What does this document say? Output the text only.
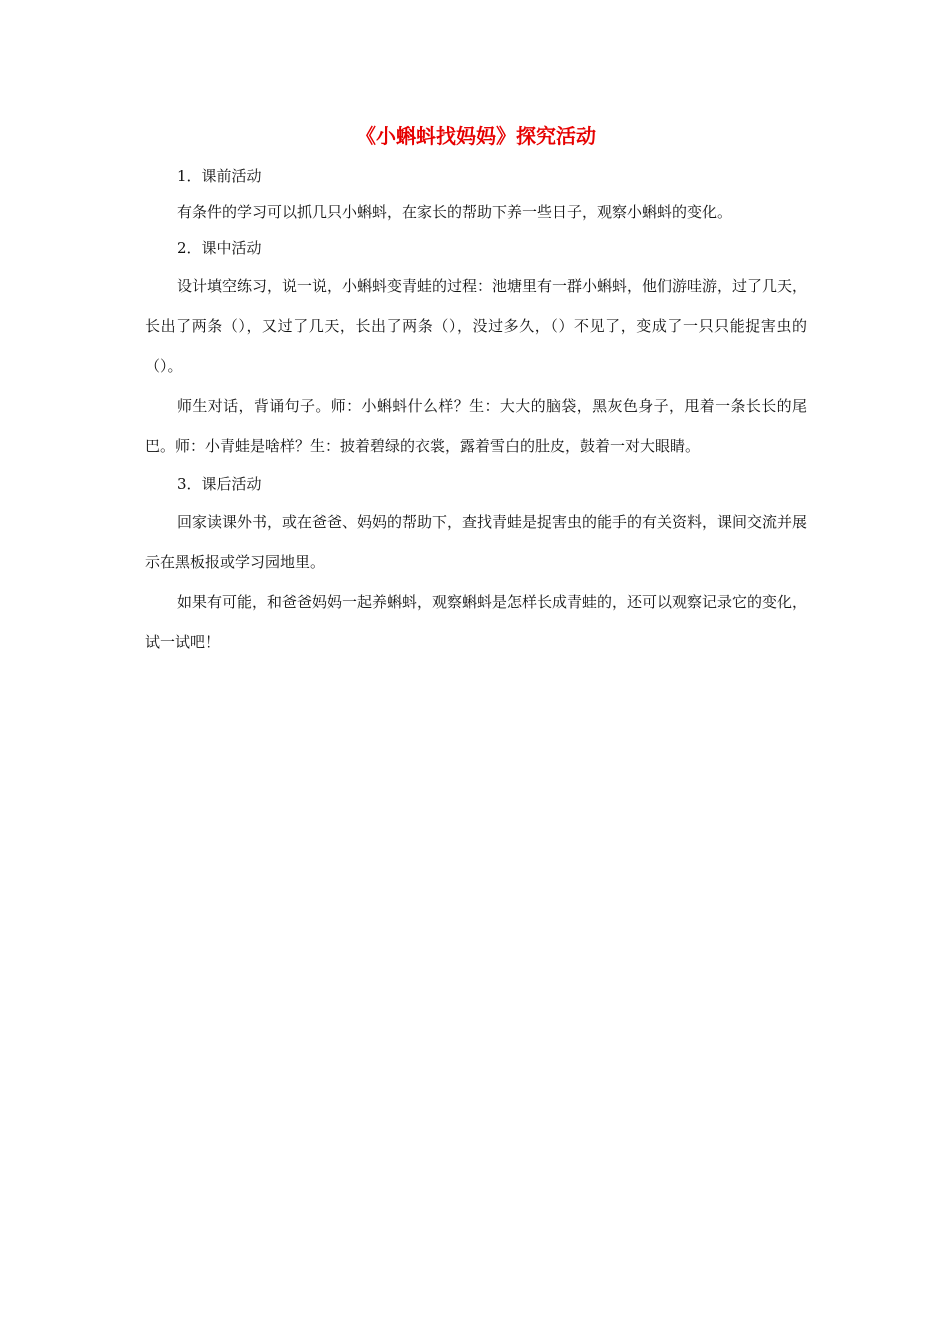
《小蝌蚪找妈妈》探究活动

1．课前活动

有条件的学习可以抓几只小蝌蚪，在家长的帮助下养一些日子，观察小蝌蚪的变化。

2．课中活动

设计填空练习，说一说，小蝌蚪变青蛙的过程：池塘里有一群小蝌蚪，他们游哇游，过了几天，长出了两条（），又过了几天，长出了两条（），没过多久，（）不见了，变成了一只只能捉害虫的（）。

师生对话，背诵句子。师：小蝌蚪什么样？生：大大的脑袋，黑灰色身子，甩着一条长长的尾巴。师：小青蛙是啥样？生：披着碧绿的衣裳，露着雪白的肚皮，鼓着一对大眼睛。

3．课后活动

回家读课外书，或在爸爸、妈妈的帮助下，查找青蛙是捉害虫的能手的有关资料，课间交流并展示在黑板报或学习园地里。

如果有可能，和爸爸妈妈一起养蝌蚪，观察蝌蚪是怎样长成青蛙的，还可以观察记录它的变化，试一试吧！
